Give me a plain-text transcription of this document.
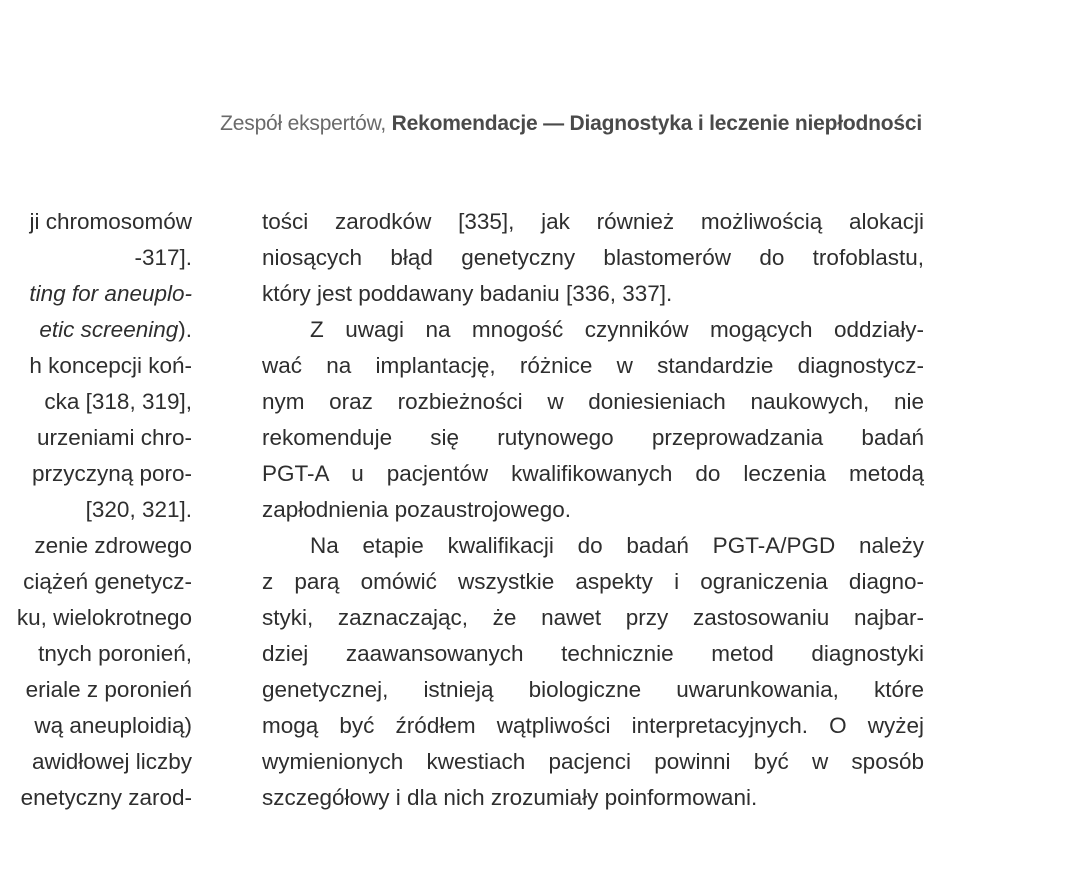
Zespół ekspertów, Rekomendacje — Diagnostyka i leczenie niepłodności
ji chromosomów
-317].
ting for aneuplo-
etic screening).
h koncepcji koń-
cka [318, 319],
urzeniami chro-
przyczyną poro-
[320, 321].
zenie zdrowego
ciążeń genetycz-
ku, wielokrotnego
tnych poronień,
eriale z poronień
wą aneuploidią)
awidłowej liczby
enetyczny zarod-
tości zarodków [335], jak również możliwością alokacji
niosących błąd genetyczny blastomerów do trofoblastu,
który jest poddawany badaniu [336, 337].
Z uwagi na mnogość czynników mogących oddziały-
wać na implantację, różnice w standardzie diagnostycz-
nym oraz rozbieżności w doniesieniach naukowych, nie
rekomenduje się rutynowego przeprowadzania badań
PGT-A u pacjentów kwalifikowanych do leczenia metodą
zapłodnienia pozaustrojowego.
Na etapie kwalifikacji do badań PGT-A/PGD należy
z parą omówić wszystkie aspekty i ograniczenia diagno-
styki, zaznaczając, że nawet przy zastosowaniu najbar-
dziej zaawansowanych technicznie metod diagnostyki
genetycznej, istnieją biologiczne uwarunkowania, które
mogą być źródłem wątpliwości interpretacyjnych. O wyżej
wymienionych kwestiach pacjenci powinni być w sposób
szczegółowy i dla nich zrozumiały poinformowani.
